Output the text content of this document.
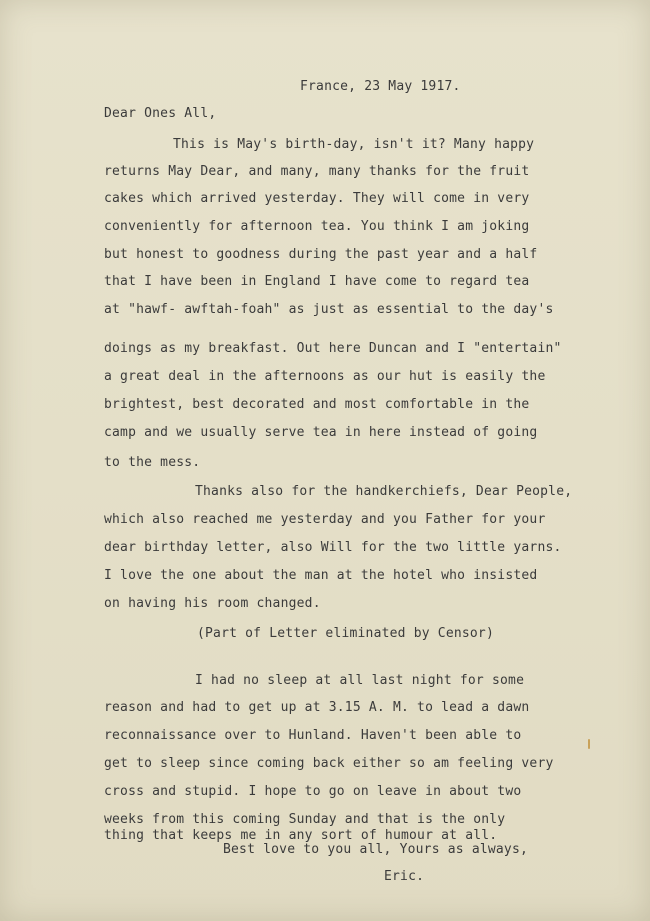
France, 23 May 1917.

Dear Ones All,

This is May's birth-day, isn't it? Many happy

returns May Dear, and many, many thanks for the fruit

cakes which arrived yesterday. They will come in very

conveniently for afternoon tea. You think I am joking

but honest to goodness during the past year and a half

that I have been in England I have come to regard tea

at "hawf- awftah-foah" as just as essential to the day's

doings as my breakfast. Out here Duncan and I "entertain"

a great deal in the afternoons as our hut is easily the

brightest, best decorated and most comfortable in the

camp and we usually serve tea in here instead of going

to the mess.

Thanks also for the handkerchiefs, Dear People,

which also reached me yesterday and you Father for your

dear birthday letter, also Will for the two little yarns.

I love the one about the man at the hotel who insisted

on having his room changed.

(Part of Letter eliminated by Censor)

I had no sleep at all last night for some

reason and had to get up at 3.15 A. M. to lead a dawn

reconnaissance over to Hunland. Haven't been able to

get to sleep since coming back either so am feeling very

cross and stupid. I hope to go on leave in about two

weeks from this coming Sunday and that is the only

thing that keeps me in any sort of humour at all.

Best love to you all, Yours as always,

Eric.
